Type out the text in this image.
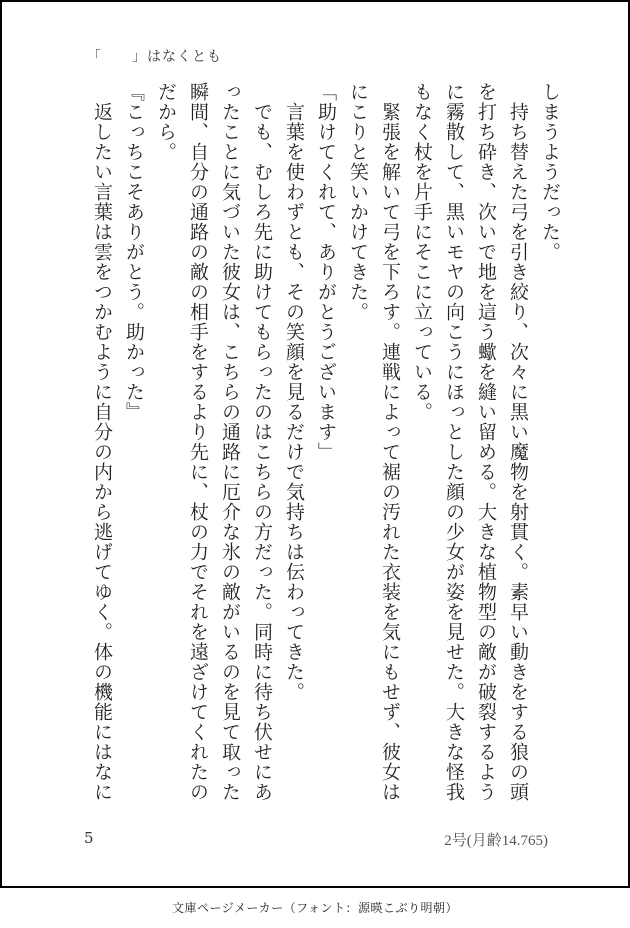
「　　」はなくとも

しまうようだった。

　持ち替えた弓を引き絞り、次々に黒い魔物を射貫く。素早い動きをする狼の頭を打ち砕き、次いで地を這う蠍を縫い留める。大きな植物型の敵が破裂するように霧散して、黒いモヤの向こうにほっとした顔の少女が姿を見せた。大きな怪我もなく杖を片手にそこに立っている。

　緊張を解いて弓を下ろす。連戦によって裾の汚れた衣装を気にもせず、彼女はにこりと笑いかけてきた。

「助けてくれて、ありがとうございます」

　言葉を使わずとも、その笑顔を見るだけで気持ちは伝わってきた。

　でも、むしろ先に助けてもらったのはこちらの方だった。同時に待ち伏せにあったことに気づいた彼女は、こちらの通路に厄介な氷の敵がいるのを見て取った瞬間、自分の通路の敵の相手をするより先に、杖の力でそれを遠ざけてくれたのだから。

『こっちこそありがとう。助かった』

　返したい言葉は雲をつかむように自分の内から逃げてゆく。体の機能にはなに

5	2号(月齢14.765)
文庫ページメーカー（フォント：源暎こぶり明朝）
